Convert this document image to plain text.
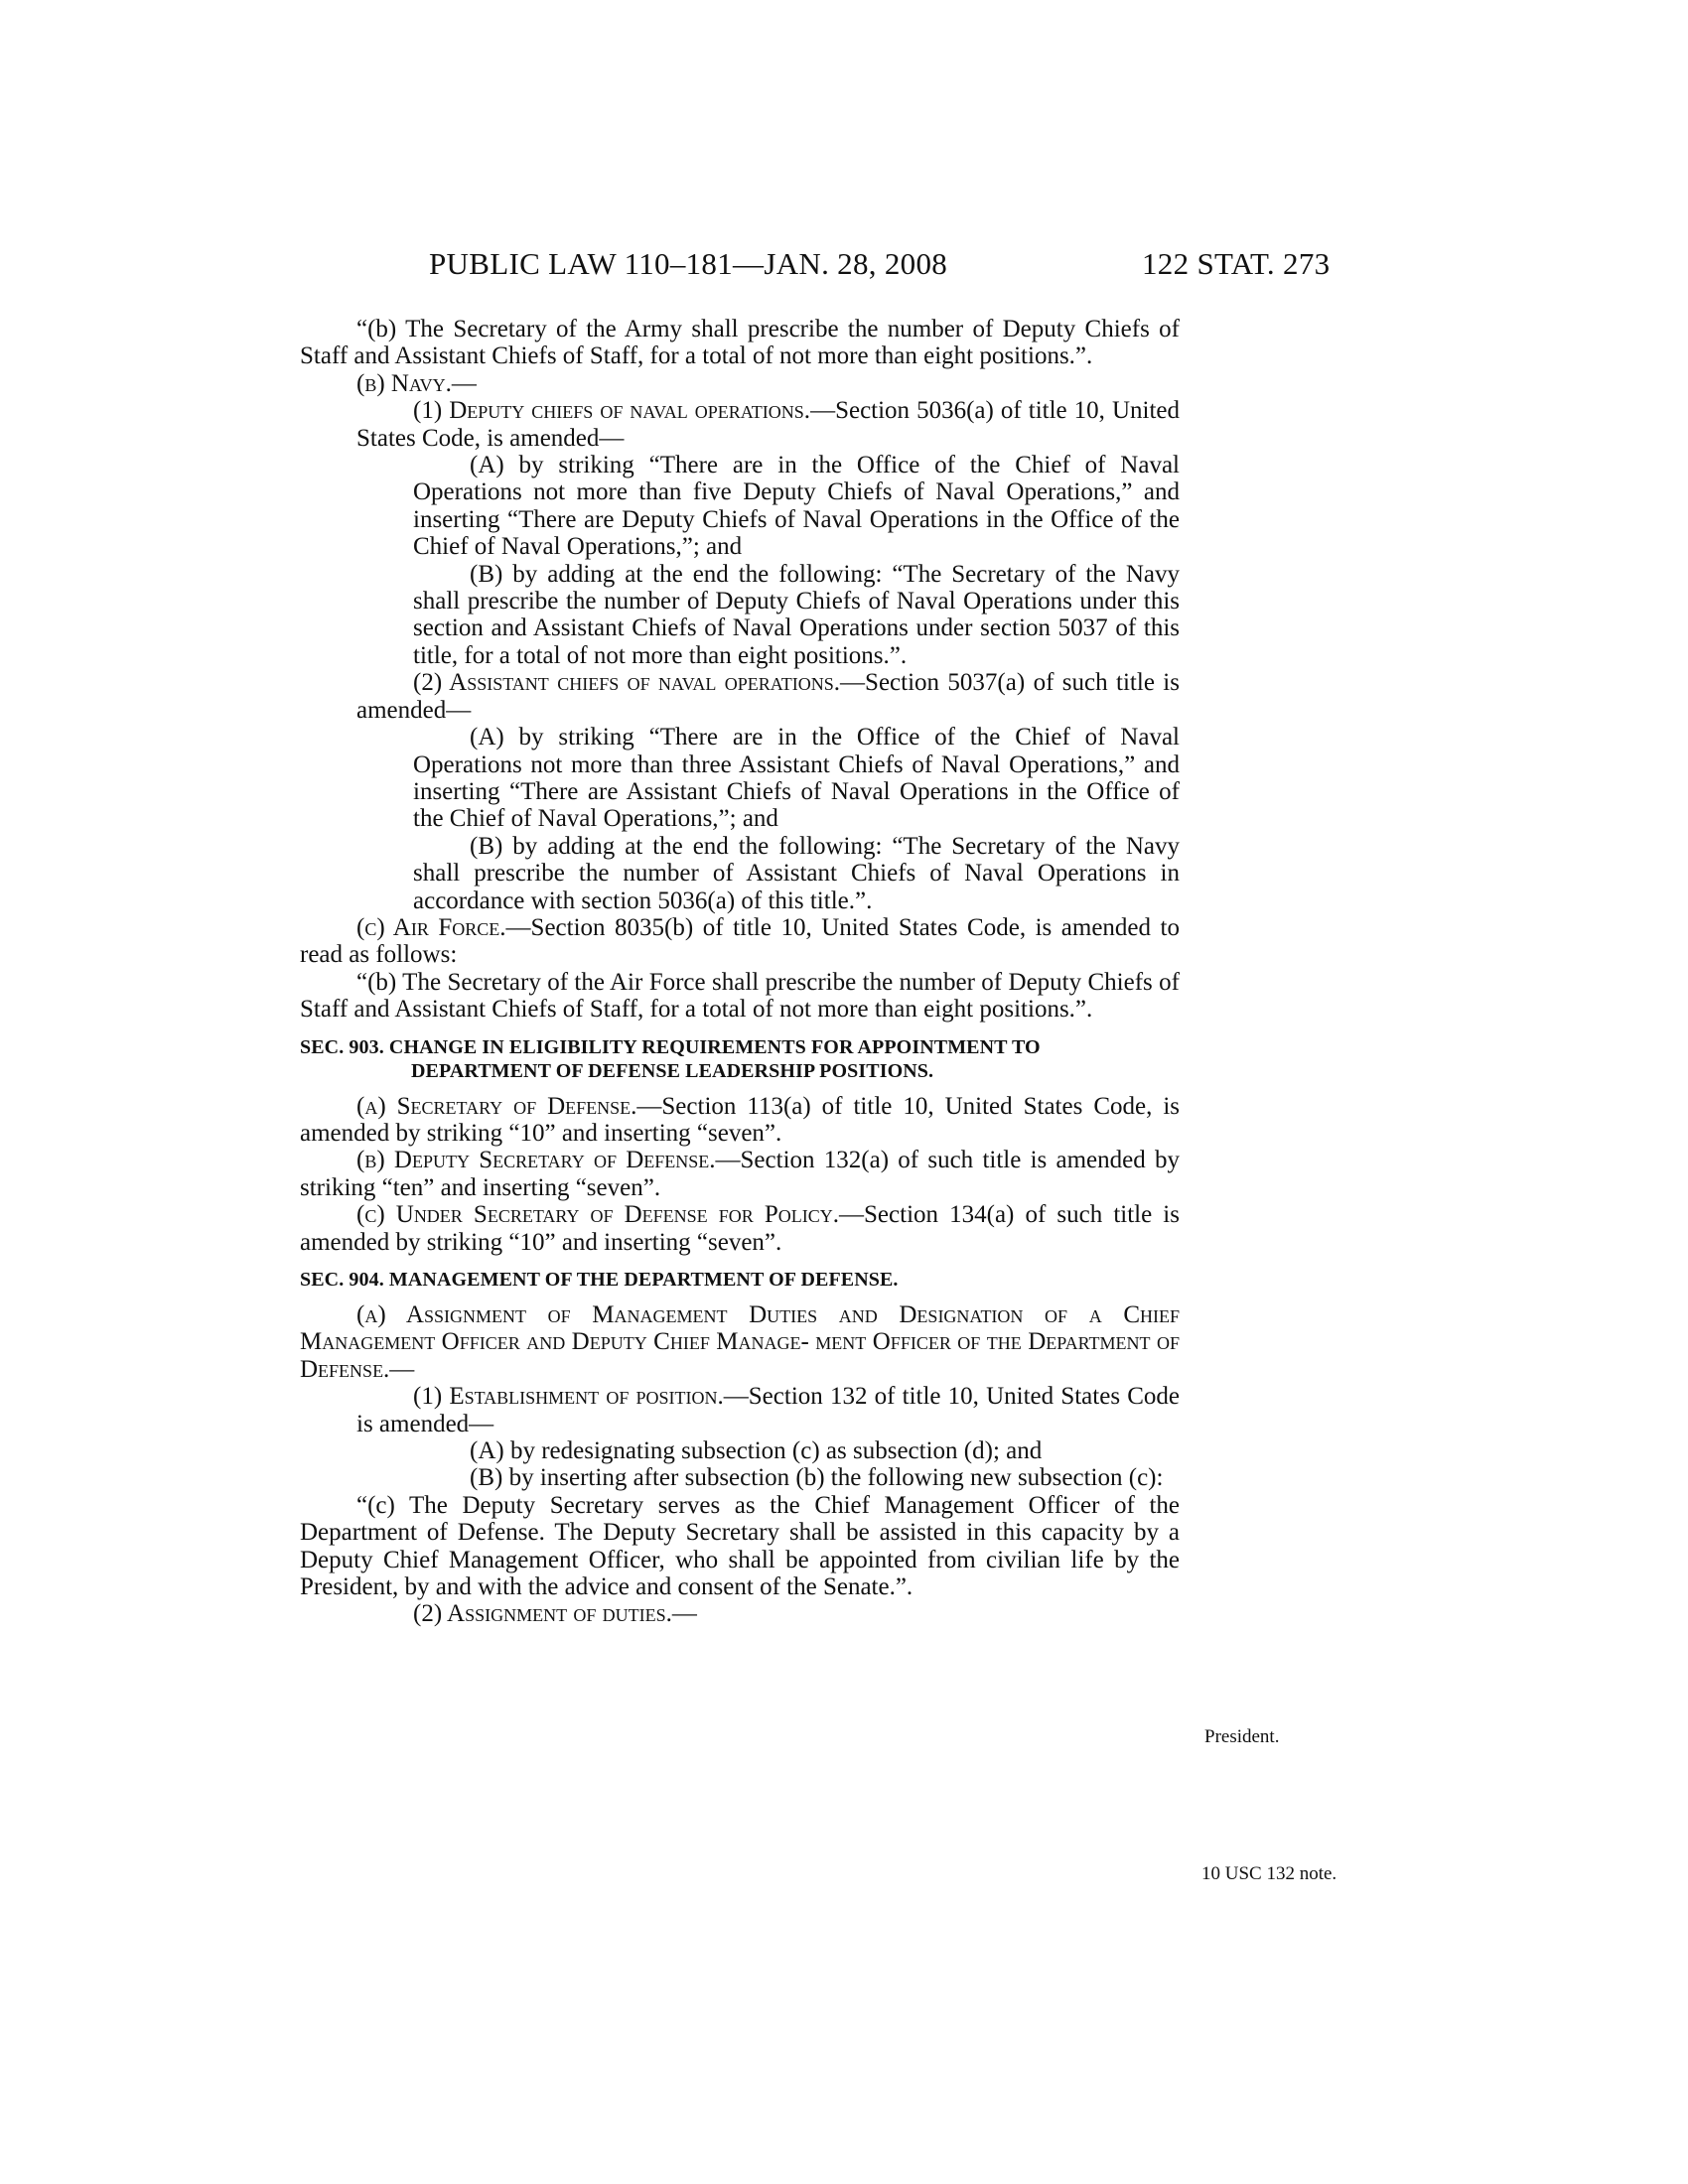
PUBLIC LAW 110–181—JAN. 28, 2008	122 STAT. 273

“(b) The Secretary of the Army shall prescribe the number of Deputy Chiefs of Staff and Assistant Chiefs of Staff, for a total of not more than eight positions.”.

(b) Navy.—

(1) Deputy chiefs of naval operations.—Section 5036(a) of title 10, United States Code, is amended—

(A) by striking “There are in the Office of the Chief of Naval Operations not more than five Deputy Chiefs of Naval Operations,” and inserting “There are Deputy Chiefs of Naval Operations in the Office of the Chief of Naval Operations,”; and

(B) by adding at the end the following: “The Secretary of the Navy shall prescribe the number of Deputy Chiefs of Naval Operations under this section and Assistant Chiefs of Naval Operations under section 5037 of this title, for a total of not more than eight positions.”.

(2) Assistant chiefs of naval operations.—Section 5037(a) of such title is amended—

(A) by striking “There are in the Office of the Chief of Naval Operations not more than three Assistant Chiefs of Naval Operations,” and inserting “There are Assistant Chiefs of Naval Operations in the Office of the Chief of Naval Operations,”; and

(B) by adding at the end the following: “The Secretary of the Navy shall prescribe the number of Assistant Chiefs of Naval Operations in accordance with section 5036(a) of this title.”.

(c) Air Force.—Section 8035(b) of title 10, United States Code, is amended to read as follows:

“(b) The Secretary of the Air Force shall prescribe the number of Deputy Chiefs of Staff and Assistant Chiefs of Staff, for a total of not more than eight positions.”.

SEC. 903. CHANGE IN ELIGIBILITY REQUIREMENTS FOR APPOINTMENT TO DEPARTMENT OF DEFENSE LEADERSHIP POSITIONS.

(a) Secretary of Defense.—Section 113(a) of title 10, United States Code, is amended by striking “10” and inserting “seven”.

(b) Deputy Secretary of Defense.—Section 132(a) of such title is amended by striking “ten” and inserting “seven”.

(c) Under Secretary of Defense for Policy.—Section 134(a) of such title is amended by striking “10” and inserting “seven”.

SEC. 904. MANAGEMENT OF THE DEPARTMENT OF DEFENSE.

(a) Assignment of Management Duties and Designation of a Chief Management Officer and Deputy Chief Manage- ment Officer of the Department of Defense.—

(1) Establishment of position.—Section 132 of title 10, United States Code is amended—

(A) by redesignating subsection (c) as subsection (d); and

(B) by inserting after subsection (b) the following new subsection (c):

“(c) The Deputy Secretary serves as the Chief Management Officer of the Department of Defense. The Deputy Secretary shall be assisted in this capacity by a Deputy Chief Management Officer, who shall be appointed from civilian life by the President, by and with the advice and consent of the Senate.”.

(2) Assignment of duties.—

President.
10 USC 132 note.
